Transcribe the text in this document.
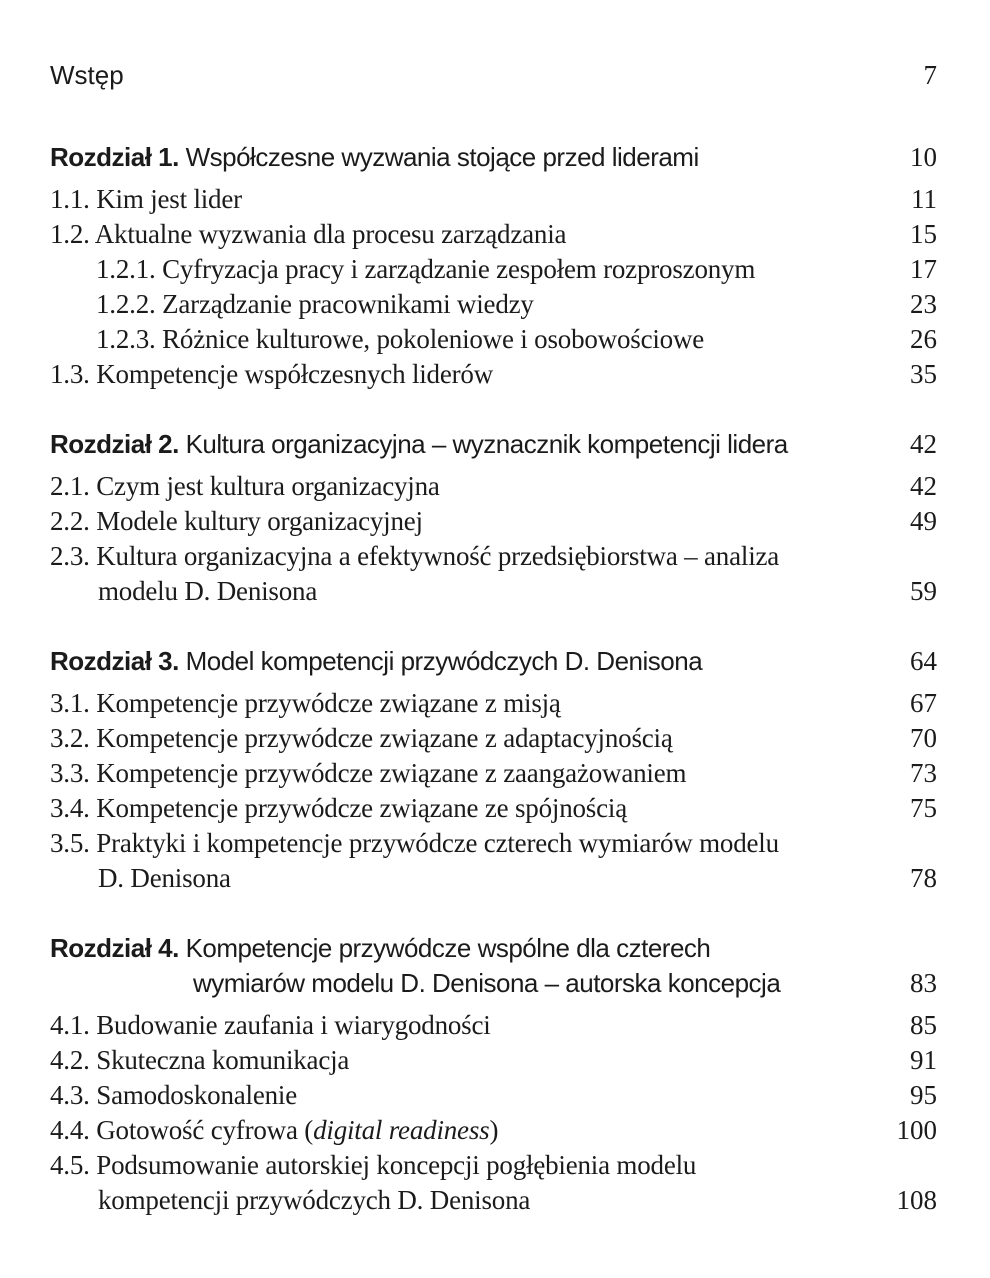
Wstęp	7
Rozdział 1. Współczesne wyzwania stojące przed liderami	10
1.1. Kim jest lider	11
1.2. Aktualne wyzwania dla procesu zarządzania	15
1.2.1. Cyfryzacja pracy i zarządzanie zespołem rozproszonym	17
1.2.2. Zarządzanie pracownikami wiedzy	23
1.2.3. Różnice kulturowe, pokoleniowe i osobowościowe	26
1.3. Kompetencje współczesnych liderów	35
Rozdział 2. Kultura organizacyjna – wyznacznik kompetencji lidera	42
2.1. Czym jest kultura organizacyjna	42
2.2. Modele kultury organizacyjnej	49
2.3. Kultura organizacyjna a efektywność przedsiębiorstwa – analiza
modelu D. Denisona	59
Rozdział 3. Model kompetencji przywódczych D. Denisona	64
3.1. Kompetencje przywódcze związane z misją	67
3.2. Kompetencje przywódcze związane z adaptacyjnością	70
3.3. Kompetencje przywódcze związane z zaangażowaniem	73
3.4. Kompetencje przywódcze związane ze spójnością	75
3.5. Praktyki i kompetencje przywódcze czterech wymiarów modelu
D. Denisona	78
Rozdział 4. Kompetencje przywódcze wspólne dla czterech
wymiarów modelu D. Denisona – autorska koncepcja	83
4.1. Budowanie zaufania i wiarygodności	85
4.2. Skuteczna komunikacja	91
4.3. Samodoskonalenie	95
4.4. Gotowość cyfrowa (digital readiness)	100
4.5. Podsumowanie autorskiej koncepcji pogłębienia modelu
kompetencji przywódczych D. Denisona	108
